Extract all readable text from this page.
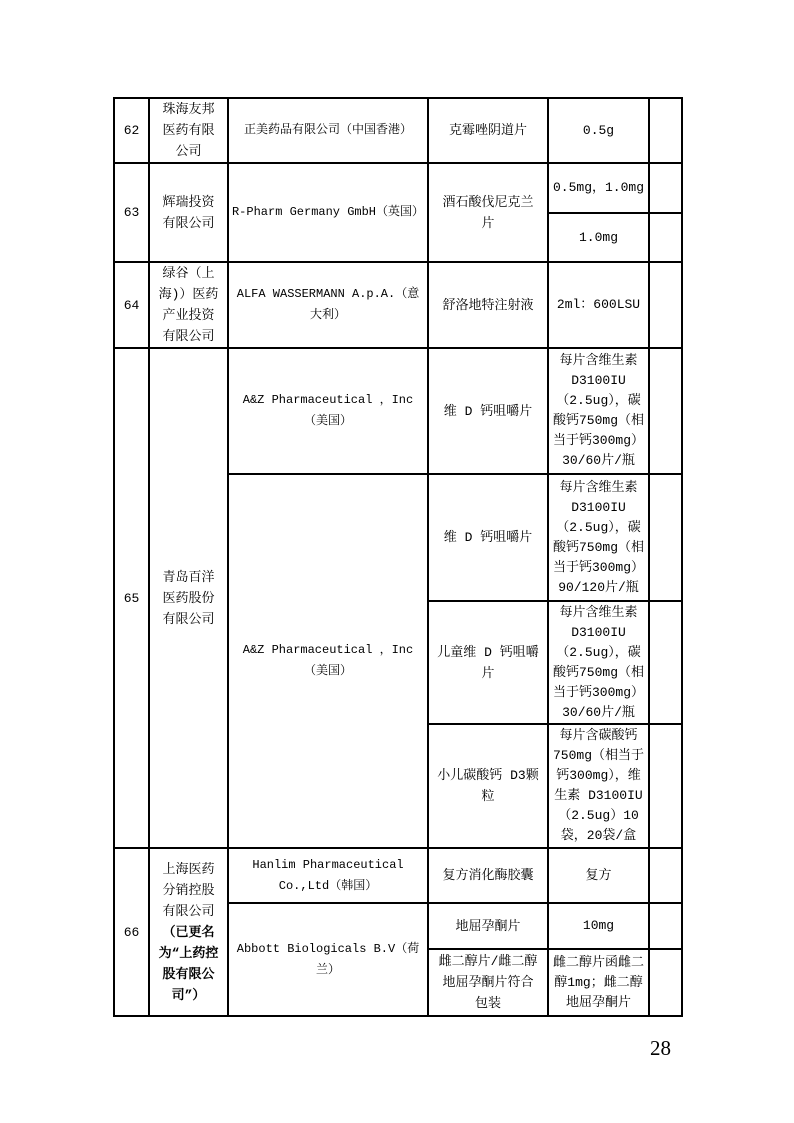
62	珠海友邦医药有限公司	正美药品有限公司（中国香港）	克霉唑阴道片	0.5g	
63	辉瑞投资有限公司	R-Pharm Germany GmbH（英国）	酒石酸伐尼克兰片	0.5mg，1.0mg	
				1.0mg	
64	绿谷（上海)）医药产业投资有限公司	ALFA WASSERMANN A.p.A.（意大利）	舒洛地特注射液	2ml：600LSU	
65	青岛百洋医药股份有限公司	A&Z Pharmaceutical ，Inc（美国）	维 D 钙咀嚼片	每片含维生素 D3100IU（2.5ug），碳酸钙750mg（相当于钙300mg）30/60片/瓶	
		A&Z Pharmaceutical ，Inc（美国）	维 D 钙咀嚼片	每片含维生素 D3100IU（2.5ug），碳酸钙750mg（相当于钙300mg）90/120片/瓶	
			儿童维 D 钙咀嚼片	每片含维生素 D3100IU（2.5ug），碳酸钙750mg（相当于钙300mg）30/60片/瓶	
			小儿碳酸钙 D3颗粒	每片含碳酸钙750mg（相当于钙300mg），维生素 D3100IU（2.5ug）10袋，20袋/盒	
66	上海医药分销控股有限公司（已更名为“上药控股有限公司”）	Hanlim Pharmaceutical Co.,Ltd（韩国）	复方消化酶胶囊	复方	
		Abbott Biologicals B.V（荷兰）	地屈孕酮片	10mg	
			雌二醇片/雌二醇地屈孕酮片符合包装	雌二醇片函雌二醇1mg；雌二醇地屈孕酮片	
28
